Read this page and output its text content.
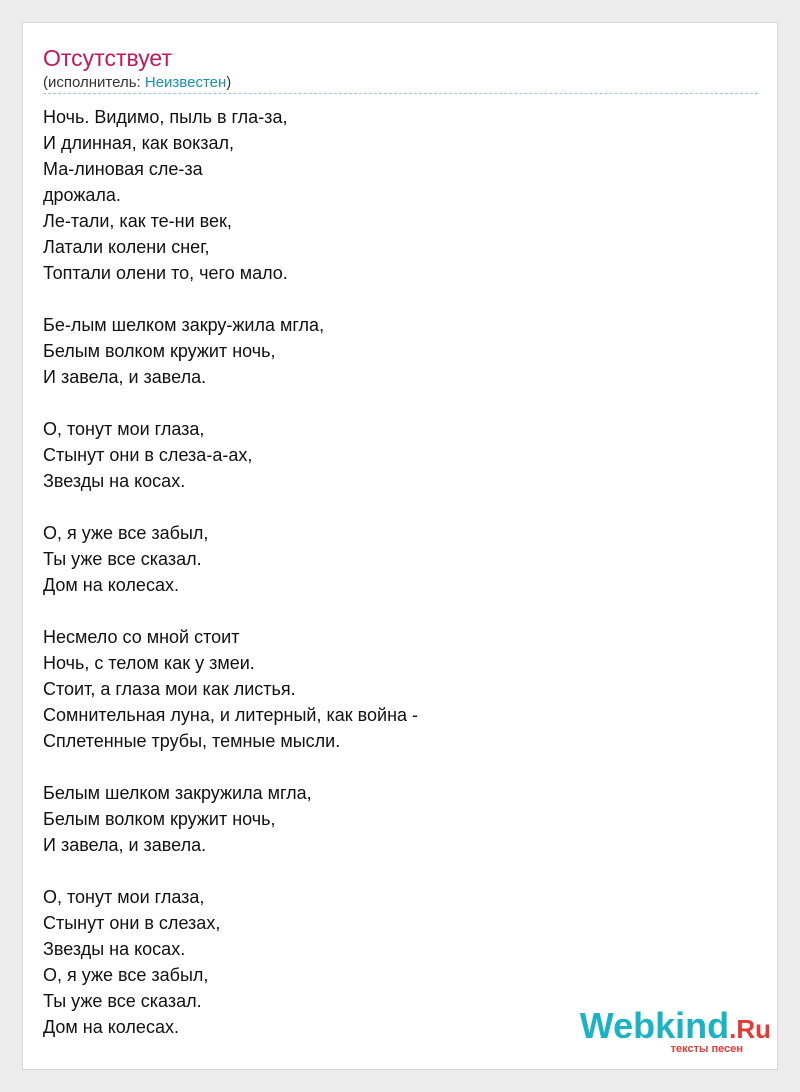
Отсутствует
(исполнитель: Неизвестен)
Ночь. Видимо, пыль в гла-за,
И длинная, как вокзал,
Ма-линовая сле-за
дрожала.
Ле-тали, как те-ни век,
Латали колени снег,
Топтали олени то, чего мало.
Бе-лым шелком закру-жила мгла,
Белым волком кружит ночь,
И завела, и завела.
О, тонут мои глаза,
Стынут они в слеза-а-ах,
Звезды на косах.
О, я уже все забыл,
Ты уже все сказал.
Дом на колесах.
Несмело со мной стоит
Ночь, с телом как у змеи.
Стоит, а глаза мои как листья.
Сомнительная луна, и литерный, как война -
Сплетенные трубы, темные мысли.
Белым шелком закружила мгла,
Белым волком кружит ночь,
И завела, и завела.
О, тонут мои глаза,
Стынут они в слезах,
Звезды на косах.
О, я уже все забыл,
Ты уже все сказал.
Дом на колесах.	Webkind.Ru
тексты песен
